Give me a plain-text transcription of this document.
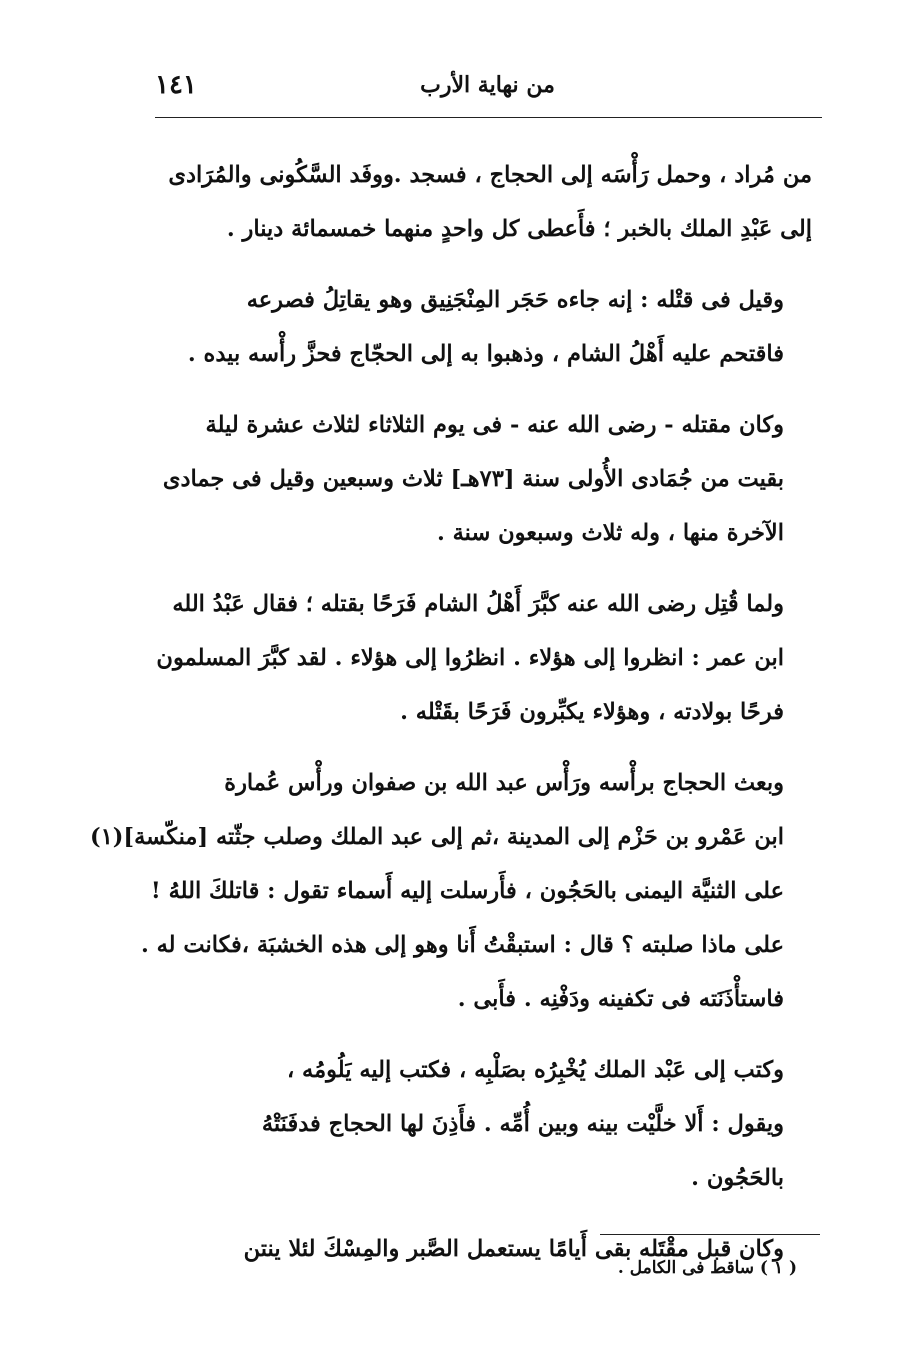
١٤١	من نهاية الأرب

من مُراد ، وحمل رَأْسَه إلى الحجاج ، فسجد .ووفَد السَّكُونى والمُرَادى
إلى عَبْدِ الملك بالخبر ؛ فأَعطى كل واحدٍ منهما خمسمائة دينار .

وقيل فى قتْله : إنه جاءه حَجَر المِنْجَنِيق وهو يقاتِلُ فصرعه
فاقتحم عليه أَهْلُ الشام ، وذهبوا به إلى الحجّاج فحزَّ رأْسه بيده .

وكان مقتله - رضى الله عنه - فى يوم الثلاثاء لثلاث عشرة ليلة
بقيت من جُمَادى الأُولى سنة [٧٣هـ] ثلاث وسبعين وقيل فى جمادى
الآخرة منها ، وله ثلاث وسبعون سنة .

ولما قُتِل رضى الله عنه كبَّرَ أَهْلُ الشام فَرَحًا بقتله ؛ فقال عَبْدُ الله
ابن عمر : انظروا إلى هؤلاء . انظرُوا إلى هؤلاء . لقد كبَّرَ المسلمون
فرحًا بولادته ، وهؤلاء يكبِّرون فَرَحًا بقَتْله .

وبعث الحجاج برأْسه ورَأْس عبد الله بن صفوان ورأْس عُمارة
ابن عَمْرو بن حَزْم إلى المدينة ،ثم إلى عبد الملك وصلب جثّته [منكّسة](١)
على الثنيَّة اليمنى بالحَجُون ، فأَرسلت إليه أَسماء تقول : قاتلكَ اللهُ !
على ماذا صلبته ؟ قال : استبقْتُ أَنا وهو إلى هذه الخشبَة ،فكانت له .
فاستأْذَنَته فى تكفينه ودَفْنِه . فأَبى .

وكتب إلى عَبْد الملك يُخْبِرُه بصَلْبِه ، فكتب إليه يَلُومُه ،
ويقول : أَلا خلَّيْت بينه وبين أُمِّه . فأَذِنَ لها الحجاج فدفَنَتْهُ
بالحَجُون .

وكان قبل مقْتَله بقى أَيامًا يستعمل الصَّبر والمِسْكَ لئلا ينتن

( ١ ) ساقط فى الكامل .
